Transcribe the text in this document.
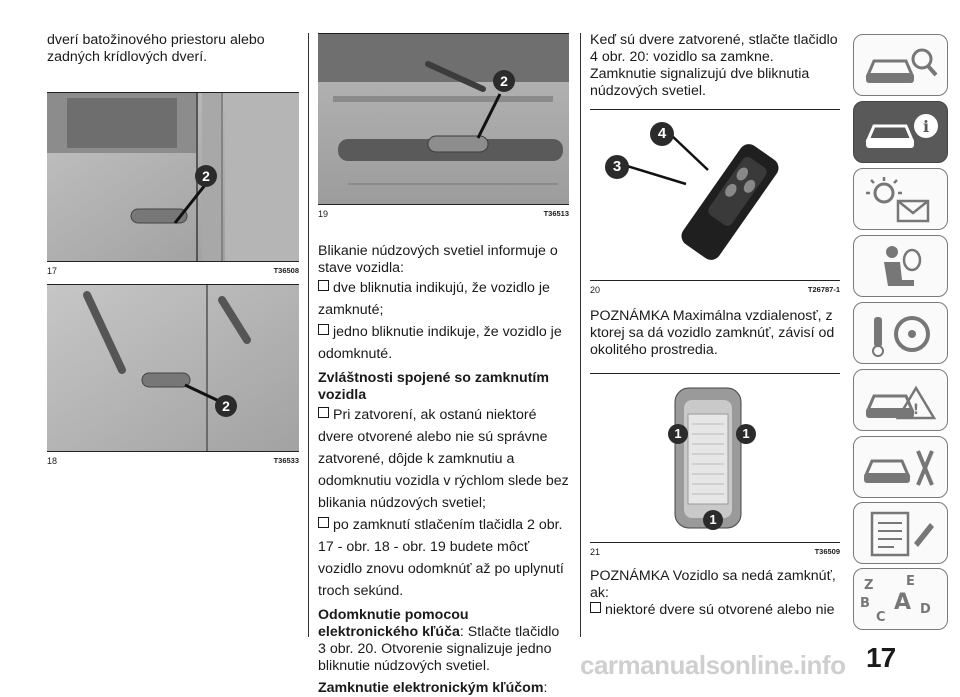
dverí batožinového priestoru alebo zadných krídlových dverí.

2
17	T36508
2
18	T36533
2
19	T36513

Blikanie núdzových svetiel informuje o stave vozidla:

dve bliknutia indikujú, že vozidlo je zamknuté;

jedno bliknutie indikuje, že vozidlo je odomknuté.

Zvláštnosti spojené so zamknutím vozidla

Pri zatvorení, ak ostanú niektoré dvere otvorené alebo nie sú správne zatvorené, dôjde k zamknutiu a odomknutiu vozidla v rýchlom slede bez blikania núdzových svetiel;

po zamknutí stlačením tlačidla 2 obr. 17 - obr. 18 - obr. 19 budete môcť vozidlo znovu odomknúť až po uplynutí troch sekúnd.

Odomknutie pomocou elektronického kľúča: Stlačte tlačidlo 3 obr. 20. Otvorenie signalizuje jedno bliknutie núdzových svetiel.

Zamknutie elektronickým kľúčom:

Keď sú dvere zatvorené, stlačte tlačidlo 4 obr. 20: vozidlo sa zamkne. Zamknutie signalizujú dve bliknutia núdzových svetiel.

3
4
20	T26787-1

POZNÁMKA Maximálna vzdialenosť, z ktorej sa dá vozidlo zamknúť, závisí od okolitého prostredia.

1	1
1
21	T36509

POZNÁMKA Vozidlo sa nedá zamknúť, ak:

niektoré dvere sú otvorené alebo nie

i
!
Z	E
B
C
D
A
carmanualsonline.info 17
